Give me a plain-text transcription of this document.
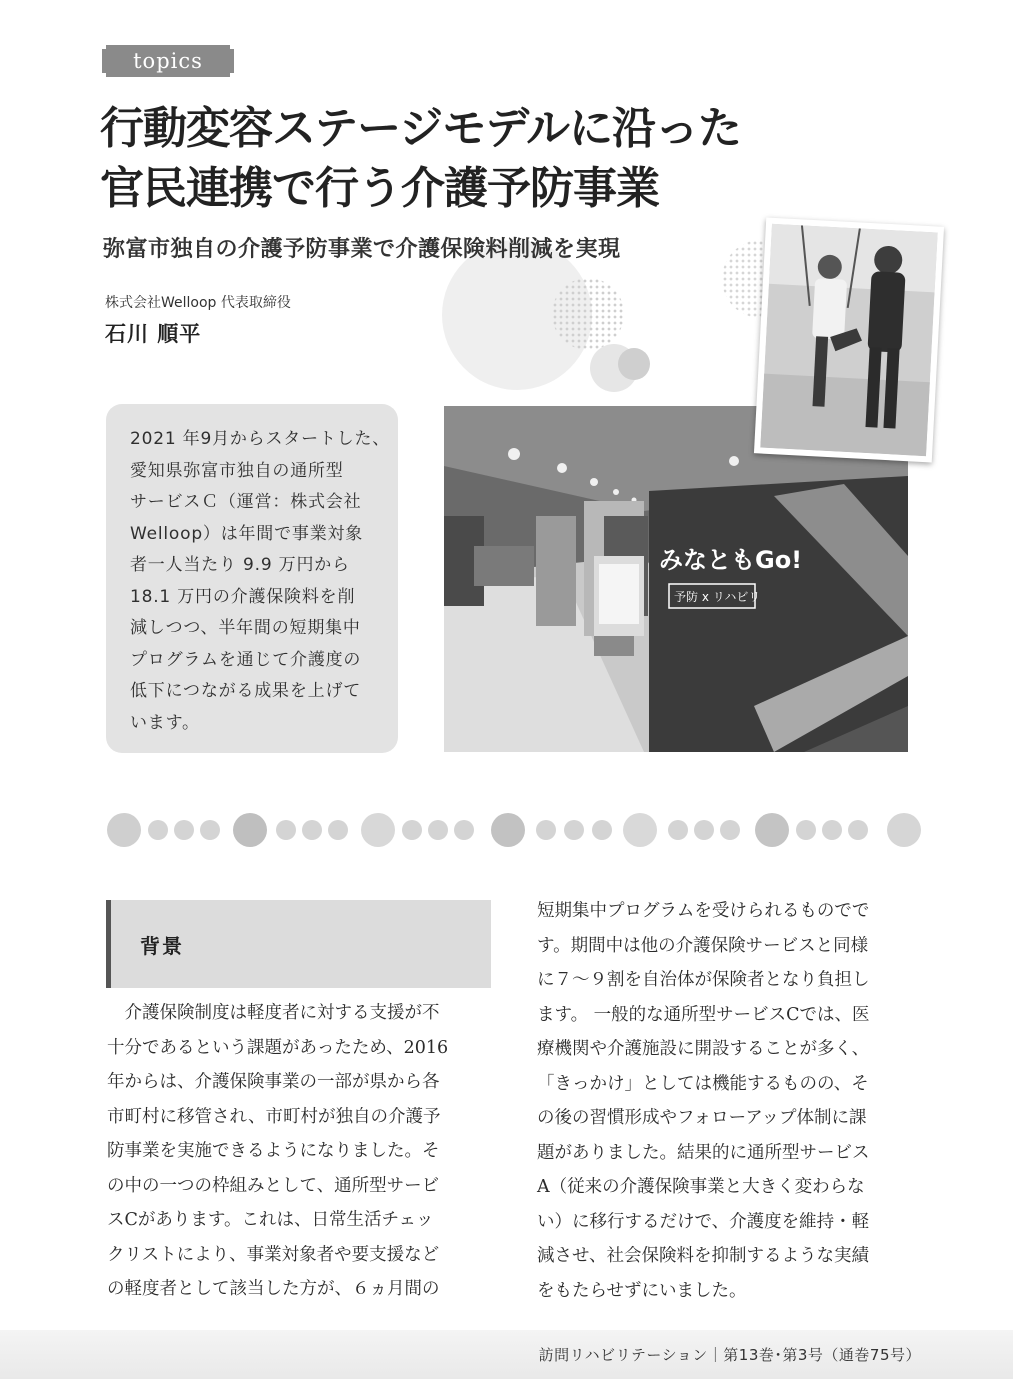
topics
行動変容ステージモデルに沿った
官民連携で行う介護予防事業
弥富市独自の介護予防事業で介護保険料削減を実現
株式会社Welloop 代表取締役
石川 順平
2021 年9月からスタートした、
愛知県弥富市独自の通所型
サービスＣ（運営：株式会社
Welloop）は年間で事業対象
者一人当たり 9.9 万円から
18.1 万円の介護保険料を削
減しつつ、半年間の短期集中
プログラムを通じて介護度の
低下につながる成果を上げて
います。
みなともGo!
予防 x リハビリ
背景
　介護保険制度は軽度者に対する支援が不
十分であるという課題があったため、2016
年からは、介護保険事業の一部が県から各
市町村に移管され、市町村が独自の介護予
防事業を実施できるようになりました。そ
の中の一つの枠組みとして、通所型サービ
スCがあります。これは、日常生活チェッ
クリストにより、事業対象者や要支援など
の軽度者として該当した方が、６ヵ月間の
短期集中プログラムを受けられるものでで
す。期間中は他の介護保険サービスと同様
に７～９割を自治体が保険者となり負担し
ます。 一般的な通所型サービスCでは、医
療機関や介護施設に開設することが多く、
「きっかけ」としては機能するものの、そ
の後の習慣形成やフォローアップ体制に課
題がありました。結果的に通所型サービス
A（従来の介護保険事業と大きく変わらな
い）に移行するだけで、介護度を維持・軽
減させ、社会保険料を抑制するような実績
をもたらせずにいました。
訪問リハビリテーション｜第13巻･第3号（通巻75号）
